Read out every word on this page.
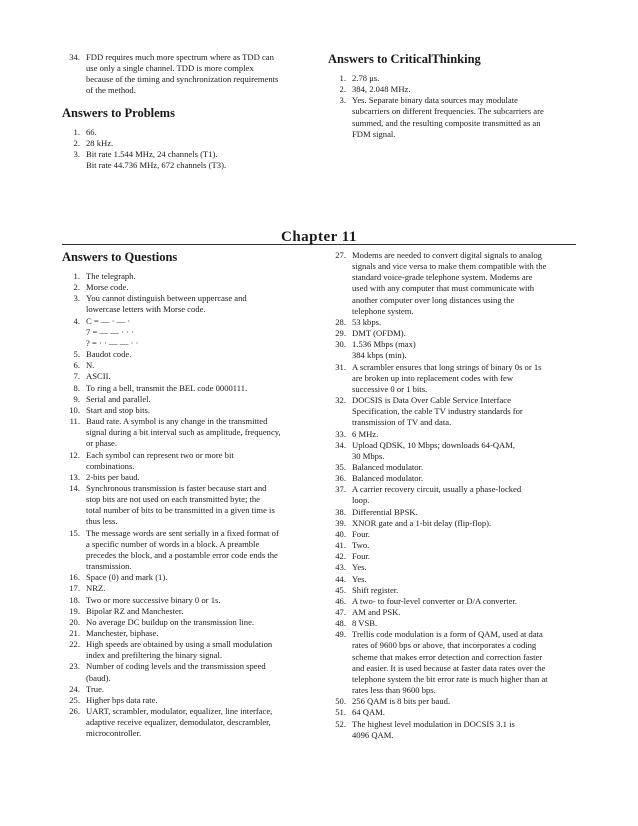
34. FDD requires much more spectrum where as TDD can
use only a single channel. TDD is more complex
because of the timing and synchronization requirements
of the method.
Answers to Problems
1. 66.
2. 28 kHz.
3. Bit rate 1.544 MHz, 24 channels (T1).
Bit rate 44.736 MHz, 672 channels (T3).
Answers to CriticalThinking
1. 2.78 μs.
2. 384, 2.048 MHz.
3. Yes. Separate binary data sources may modulate
subcarriers on different frequencies. The subcarriers are
summed, and the resulting composite transmitted as an
FDM signal.
Chapter 11
Answers to Questions
1. The telegraph.
2. Morse code.
3. You cannot distinguish between uppercase and
lowercase letters with Morse code.
4. C = — · — ·
7 = — — · · ·
? = · · — — · ·
5. Baudot code.
6. N.
7. ASCII.
8. To ring a bell, transmit the BEL code 0000111.
9. Serial and parallel.
10. Start and stop bits.
11. Baud rate. A symbol is any change in the transmitted
signal during a bit interval such as amplitude, frequency,
or phase.
12. Each symbol can represent two or more bit
combinations.
13. 2-bits per baud.
14. Synchronous transmission is faster because start and
stop bits are not used on each transmitted byte; the
total number of bits to be transmitted in a given time is
thus less.
15. The message words are sent serially in a fixed format of
a specific number of words in a block. A preamble
precedes the block, and a postamble error code ends the
transmission.
16. Space (0) and mark (1).
17. NRZ.
18. Two or more successive binary 0 or 1s.
19. Bipolar RZ and Manchester.
20. No average DC buildup on the transmission line.
21. Manchester, biphase.
22. High speeds are obtained by using a small modulation
index and prefiltering the binary signal.
23. Number of coding levels and the transmission speed
(baud).
24. True.
25. Higher bps data rate.
26. UART, scrambler, modulator, equalizer, line interface,
adaptive receive equalizer, demodulator, descrambler,
microcontroller.
27. Modems are needed to convert digital signals to analog
signals and vice versa to make them compatible with the
standard voice-grade telephone system. Modems are
used with any computer that must communicate with
another computer over long distances using the
telephone system.
28. 53 kbps.
29. DMT (OFDM).
30. 1.536 Mbps (max)
384 kbps (min).
31. A scrambler ensures that long strings of binary 0s or 1s
are broken up into replacement codes with few
successive 0 or 1 bits.
32. DOCSIS is Data Over Cable Service Interface
Specification, the cable TV industry standards for
transmission of TV and data.
33. 6 MHz.
34. Upload QDSK, 10 Mbps; downloads 64-QAM,
30 Mbps.
35. Balanced modulator.
36. Balanced modulator.
37. A carrier recovery circuit, usually a phase-locked
loop.
38. Differential BPSK.
39. XNOR gate and a 1-bit delay (flip-flop).
40. Four.
41. Two.
42. Four.
43. Yes.
44. Yes.
45. Shift register.
46. A two- to four-level converter or D/A converter.
47. AM and PSK.
48. 8 VSB.
49. Trellis code modulation is a form of QAM, used at data
rates of 9600 bps or above, that incorporates a coding
scheme that makes error detection and correction faster
and easier. It is used because at faster data rates over the
telephone system the bit error rate is much higher than at
rates less than 9600 bps.
50. 256 QAM is 8 bits per baud.
51. 64 QAM.
52. The highest level modulation in DOCSIS 3.1 is
4096 QAM.
